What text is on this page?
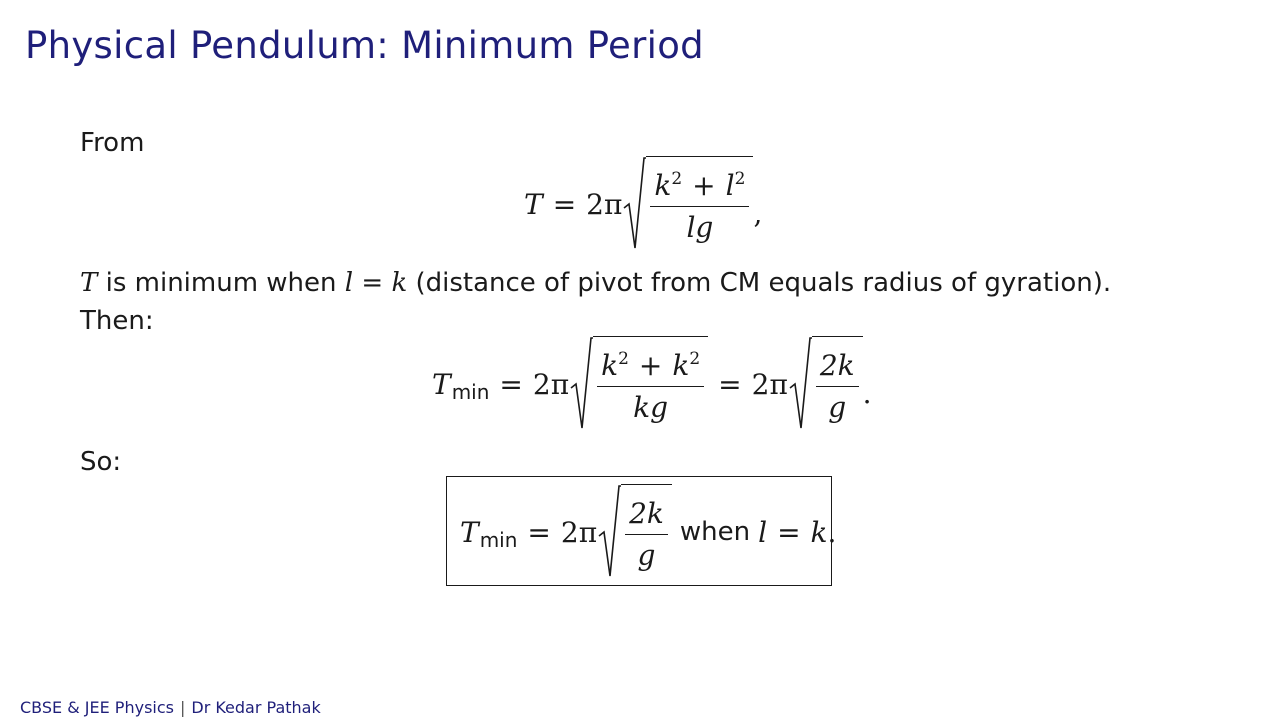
Physical Pendulum: Minimum Period
From
$T = 2\pi \frac{k^2 + l^2}{\lg}$ ,
T is minimum when l = k (distance of pivot from CM equals radius of gyration).
Then:
T $\min = 2\pi \frac{k^2 + k^2}{kg} = 2\pi \frac{2k}{g}$ .
So:
T $\min = 2\pi \frac{2k}{g}$ when l = k .
CBSE & JEE Physics | Dr Kedar Pathak
